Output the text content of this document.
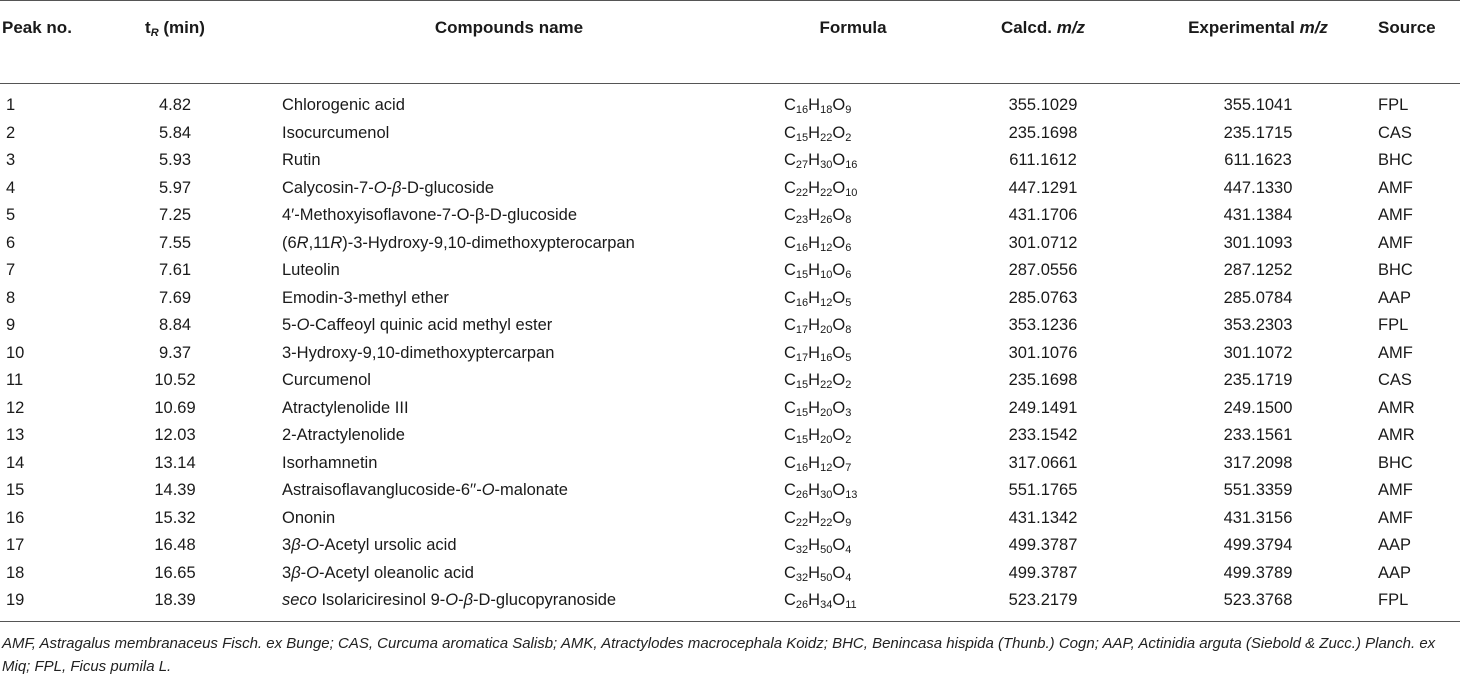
Peak no.	$t_R$ (min)	Compounds name	Formula	Calcd. m/z	Experimental m/z	Source
1	4.82	Chlorogenic acid	$C_{16}H_{18}O_9$	355.1029	355.1041	FPL
2	5.84	Isocurcumenol	$C_{15}H_{22}O_2$	235.1698	235.1715	CAS
3	5.93	Rutin	$C_{27}H_{30}O_{16}$	611.1612	611.1623	BHC
4	5.97	Calycosin-7-O-β-D-glucoside	$C_{22}H_{22}O_{10}$	447.1291	447.1330	AMF
5	7.25	4′-Methoxyisoflavone-7-O-β-D-glucoside	$C_{23}H_{26}O_8$	431.1706	431.1384	AMF
6	7.55	(6R,11R)-3-Hydroxy-9,10-dimethoxypterocarpan	$C_{16}H_{12}O_6$	301.0712	301.1093	AMF
7	7.61	Luteolin	$C_{15}H_{10}O_6$	287.0556	287.1252	BHC
8	7.69	Emodin-3-methyl ether	$C_{16}H_{12}O_5$	285.0763	285.0784	AAP
9	8.84	5-O-Caffeoyl quinic acid methyl ester	$C_{17}H_{20}O_8$	353.1236	353.2303	FPL
10	9.37	3-Hydroxy-9,10-dimethoxyptercarpan	$C_{17}H_{16}O_5$	301.1076	301.1072	AMF
11	10.52	Curcumenol	$C_{15}H_{22}O_2$	235.1698	235.1719	CAS
12	10.69	Atractylenolide III	$C_{15}H_{20}O_3$	249.1491	249.1500	AMR
13	12.03	2-Atractylenolide	$C_{15}H_{20}O_2$	233.1542	233.1561	AMR
14	13.14	Isorhamnetin	$C_{16}H_{12}O_7$	317.0661	317.2098	BHC
15	14.39	Astraisoflavanglucoside-6′′-O-malonate	$C_{26}H_{30}O_{13}$	551.1765	551.3359	AMF
16	15.32	Ononin	$C_{22}H_{22}O_9$	431.1342	431.3156	AMF
17	16.48	3β-O-Acetyl ursolic acid	$C_{32}H_{50}O_4$	499.3787	499.3794	AAP
18	16.65	3β-O-Acetyl oleanolic acid	$C_{32}H_{50}O_4$	499.3787	499.3789	AAP
19	18.39	seco Isolariciresinol 9-O-β-D-glucopyranoside	$C_{26}H_{34}O_{11}$	523.2179	523.3768	FPL
AMF, Astragalus membranaceus Fisch. ex Bunge; CAS, Curcuma aromatica Salisb; AMK, Atractylodes macrocephala Koidz; BHC, Benincasa hispida (Thunb.) Cogn; AAP, Actinidia arguta (Siebold & Zucc.) Planch. ex Miq; FPL, Ficus pumila L.
